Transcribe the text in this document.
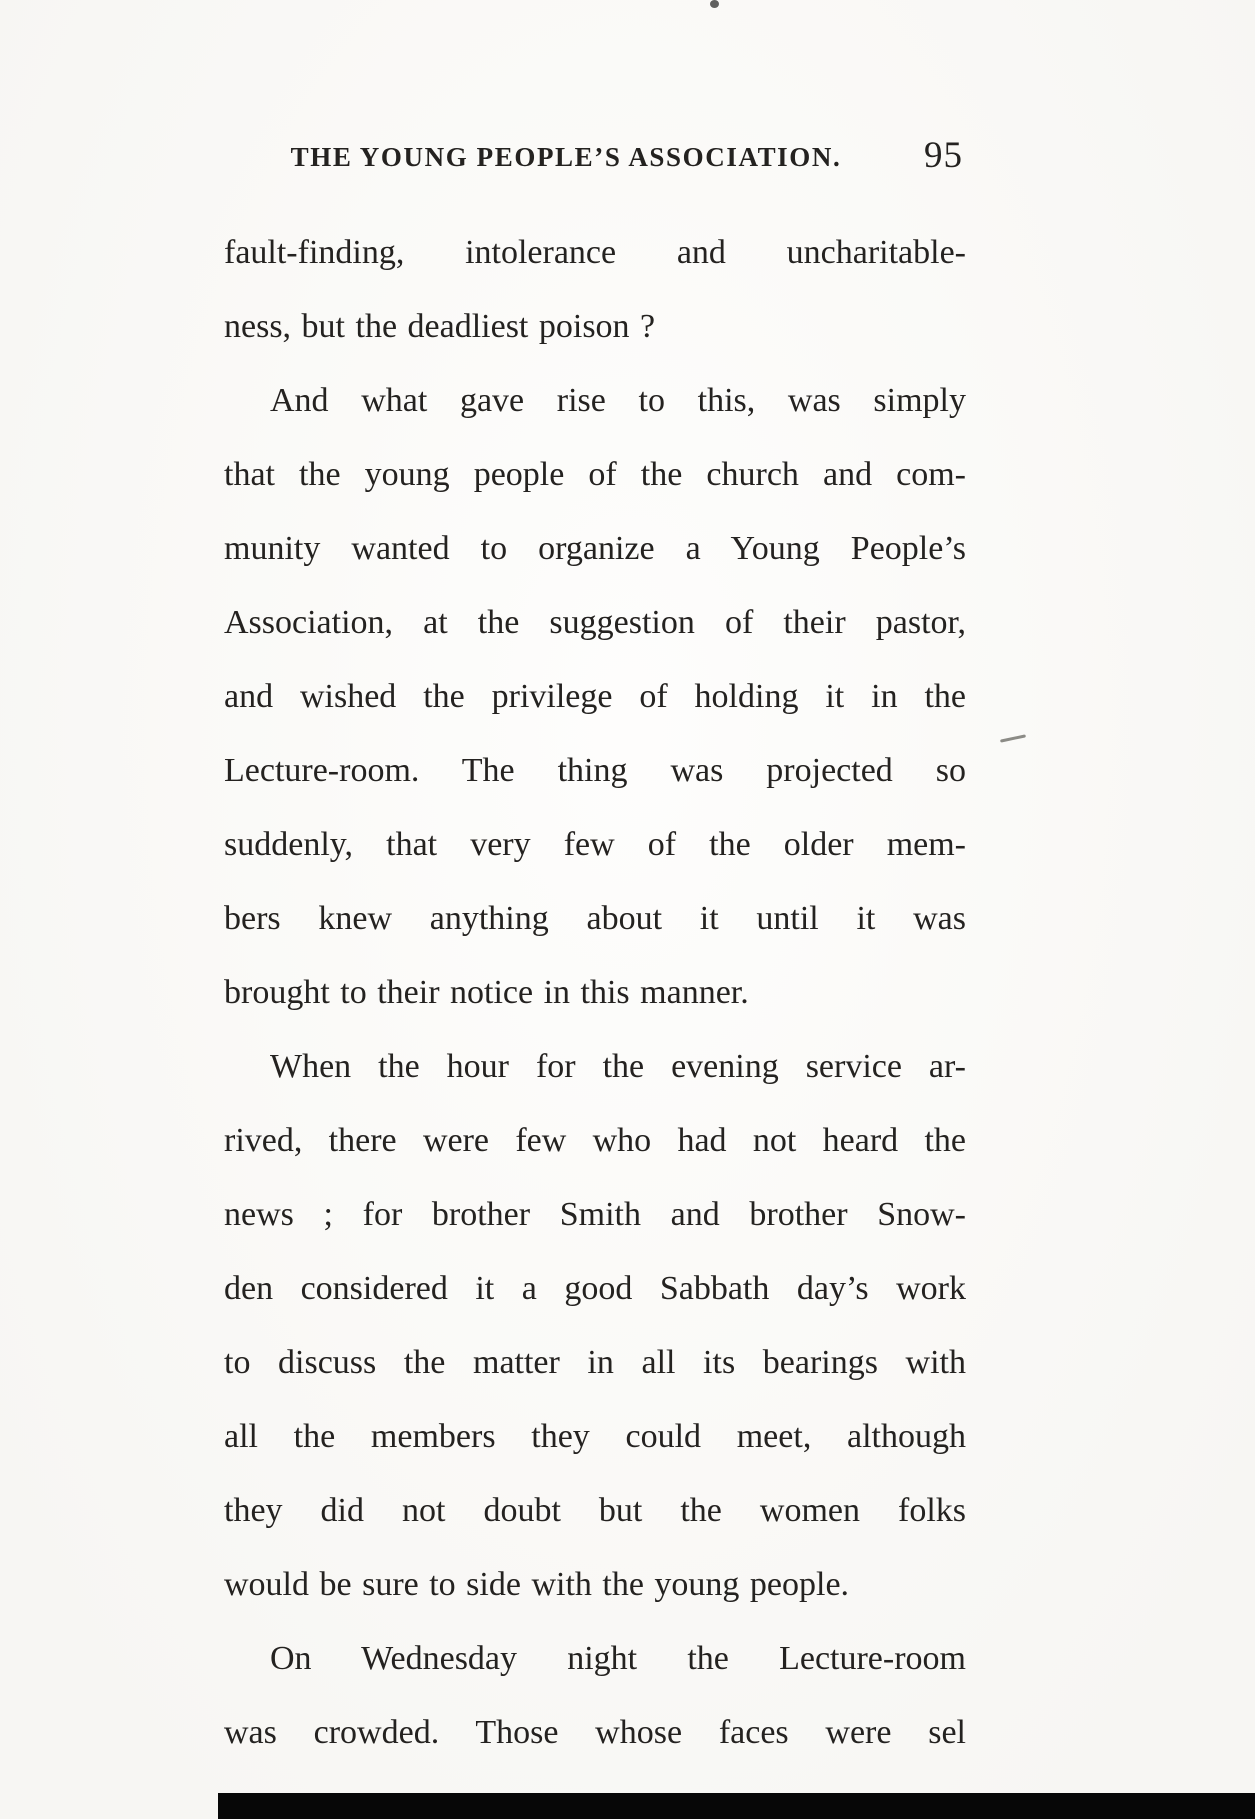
THE YOUNG PEOPLE’S ASSOCIATION.	95
fault-finding, intolerance and uncharitable-
ness, but the deadliest poison ?
And what gave rise to this, was simply
that the young people of the church and com-
munity wanted to organize a Young People’s
Association, at the suggestion of their pastor,
and wished the privilege of holding it in the
Lecture-room. The thing was projected so
suddenly, that very few of the older mem-
bers knew anything about it until it was
brought to their notice in this manner.
When the hour for the evening service ar-
rived, there were few who had not heard the
news ; for brother Smith and brother Snow-
den considered it a good Sabbath day’s work
to discuss the matter in all its bearings with
all the members they could meet, although
they did not doubt but the women folks
would be sure to side with the young people.
On Wednesday night the Lecture-room
was crowded. Those whose faces were sel
